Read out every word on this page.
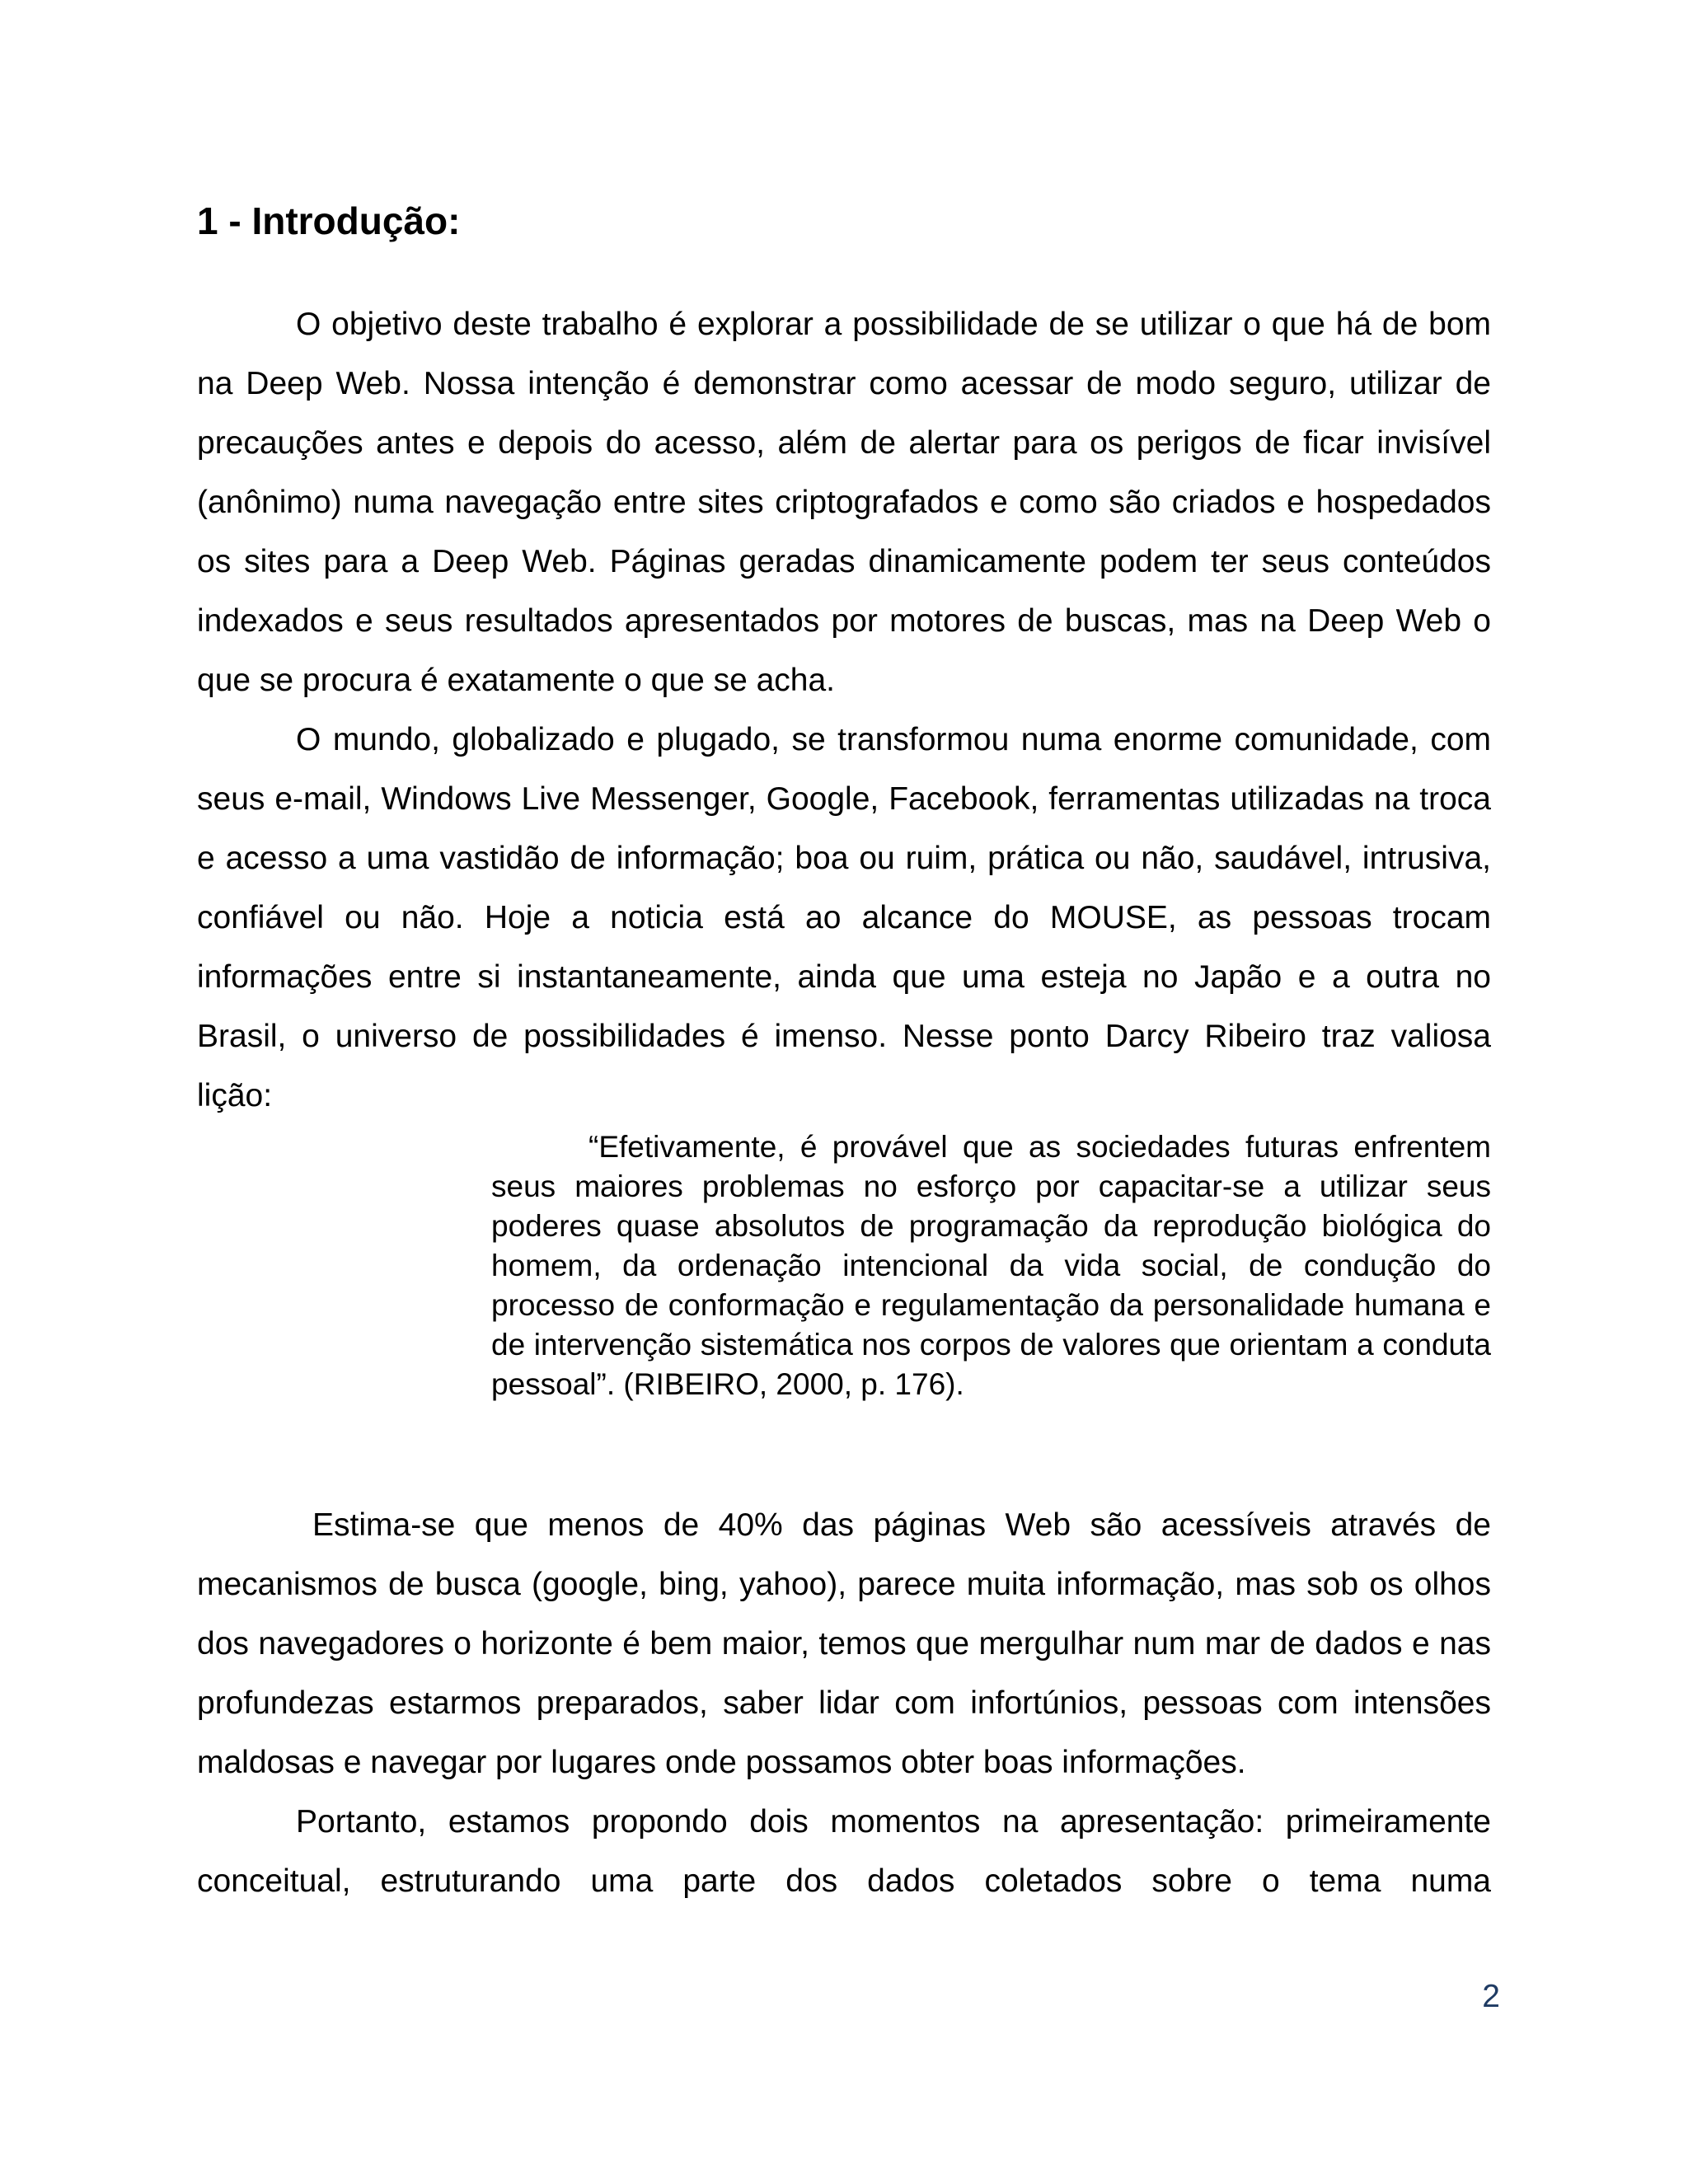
1 - Introdução:

O objetivo deste trabalho é explorar a possibilidade de se utilizar o que há de bom na Deep Web. Nossa intenção é demonstrar como acessar de modo seguro, utilizar de precauções antes e depois do acesso, além de alertar para os perigos de ficar invisível (anônimo) numa navegação entre sites criptografados e como são criados e hospedados os sites para a Deep Web. Páginas geradas dinamicamente podem ter seus conteúdos indexados e seus resultados apresentados por motores de buscas, mas na Deep Web o que se procura é exatamente o que se acha.

O mundo, globalizado e plugado, se transformou numa enorme comunidade, com seus e-mail, Windows Live Messenger, Google, Facebook, ferramentas utilizadas na troca e acesso a uma vastidão de informação; boa ou ruim, prática ou não, saudável, intrusiva, confiável ou não. Hoje a noticia está ao alcance do MOUSE, as pessoas trocam informações entre si instantaneamente, ainda que uma esteja no Japão e a outra no Brasil, o universo de possibilidades é imenso. Nesse ponto Darcy Ribeiro traz valiosa lição:

“Efetivamente, é provável que as sociedades futuras enfrentem seus maiores problemas no esforço por capacitar-se a utilizar seus poderes quase absolutos de programação da reprodução biológica do homem, da ordenação intencional da vida social, de condução do processo de conformação e regulamentação da personalidade humana e de intervenção sistemática nos corpos de valores que orientam a conduta pessoal”. (RIBEIRO, 2000, p. 176).

Estima-se que menos de 40% das páginas Web são acessíveis através de mecanismos de busca (google, bing, yahoo), parece muita informação, mas sob os olhos dos navegadores o horizonte é bem maior, temos que mergulhar num mar de dados e nas profundezas estarmos preparados, saber lidar com infortúnios, pessoas com intensões maldosas e navegar por lugares onde possamos obter boas informações.

Portanto, estamos propondo dois momentos na apresentação: primeiramente conceitual, estruturando uma parte dos dados coletados sobre o tema numa

2
